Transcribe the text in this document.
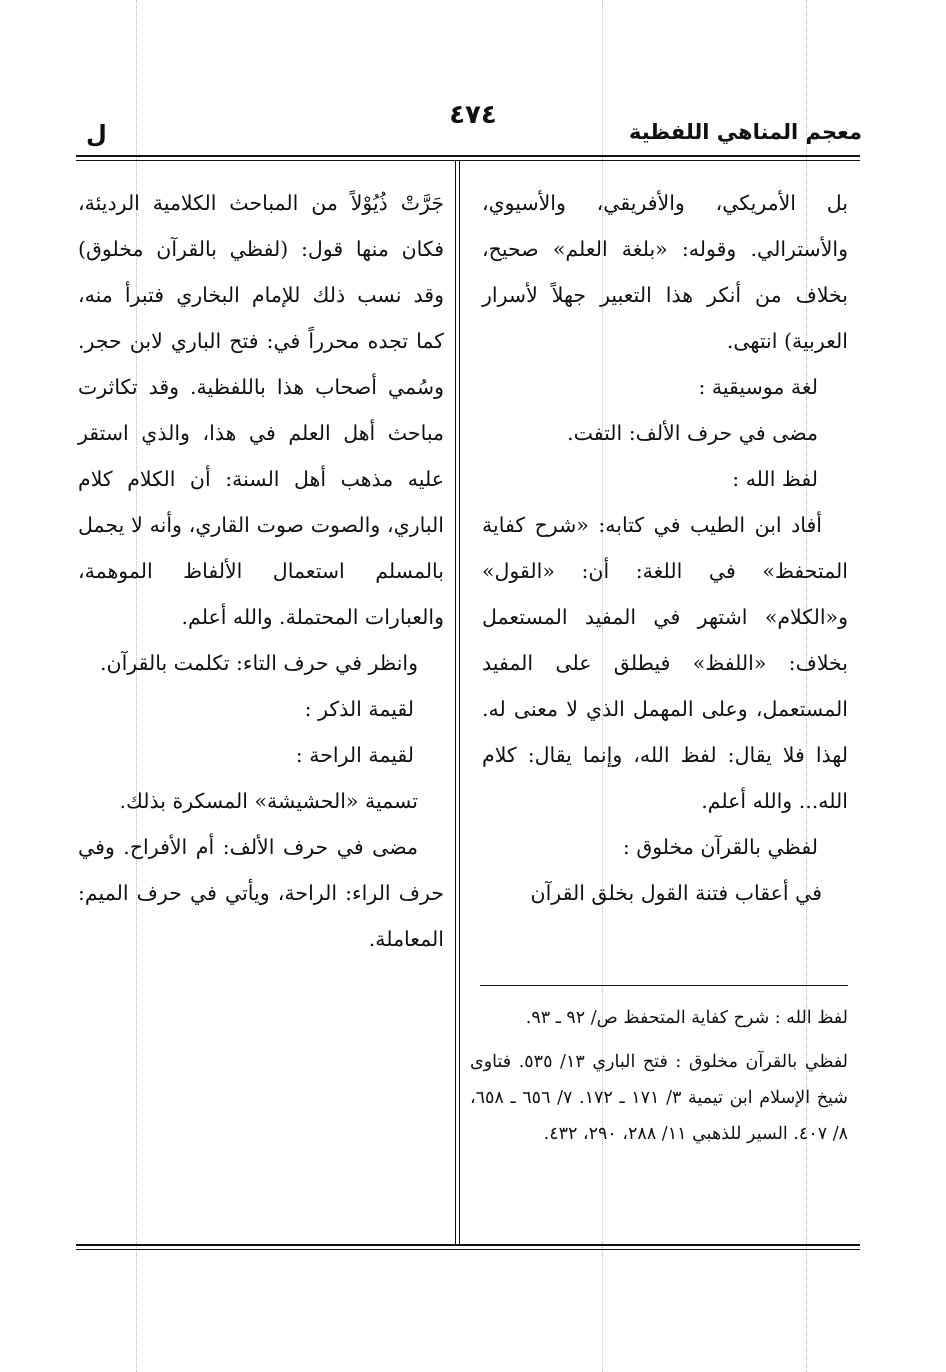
ل
٤٧٤
معجم المناهي اللفظية

بل الأمريكي، والأفريقي، والأسيوي، والأسترالي. وقوله: «بلغة العلم» صحيح، بخلاف من أنكر هذا التعبير جهلاً لأسرار العربية) انتهى.

لغة موسيقية :

مضى في حرف الألف: التفت.

لفظ الله :

أفاد ابن الطيب في كتابه: «شرح كفاية المتحفظ» في اللغة: أن: «القول» و«الكلام» اشتهر في المفيد المستعمل بخلاف: «اللفظ» فيطلق على المفيد المستعمل، وعلى المهمل الذي لا معنى له. لهذا فلا يقال: لفظ الله، وإنما يقال: كلام الله... والله أعلم.

لفظي بالقرآن مخلوق :

في أعقاب فتنة القول بخلق القرآن

جَرَّتْ ذُيُوْلاً من المباحث الكلامية الرديئة، فكان منها قول: (لفظي بالقرآن مخلوق) وقد نسب ذلك للإمام البخاري فتبرأ منه، كما تجده محرراً في: فتح الباري لابن حجر. وسُمي أصحاب هذا باللفظية. وقد تكاثرت مباحث أهل العلم في هذا، والذي استقر عليه مذهب أهل السنة: أن الكلام كلام الباري، والصوت صوت القاري، وأنه لا يجمل بالمسلم استعمال الألفاظ الموهمة، والعبارات المحتملة. والله أعلم.

وانظر في حرف التاء: تكلمت بالقرآن.

لقيمة الذكر :

لقيمة الراحة :

تسمية «الحشيشة» المسكرة بذلك.

مضى في حرف الألف: أم الأفراح. وفي حرف الراء: الراحة، ويأتي في حرف الميم: المعاملة.

لفظ الله : شرح كفاية المتحفظ ص/ ٩٢ ـ ٩٣.

لفظي بالقرآن مخلوق : فتح الباري ١٣/ ٥٣٥. فتاوى شيخ الإسلام ابن تيمية ٣/ ١٧١ ـ ١٧٢. ٧/ ٦٥٦ ـ ٦٥٨، ٨/ ٤٠٧. السير للذهبي ١١/ ٢٨٨، ٢٩٠، ٤٣٢.
